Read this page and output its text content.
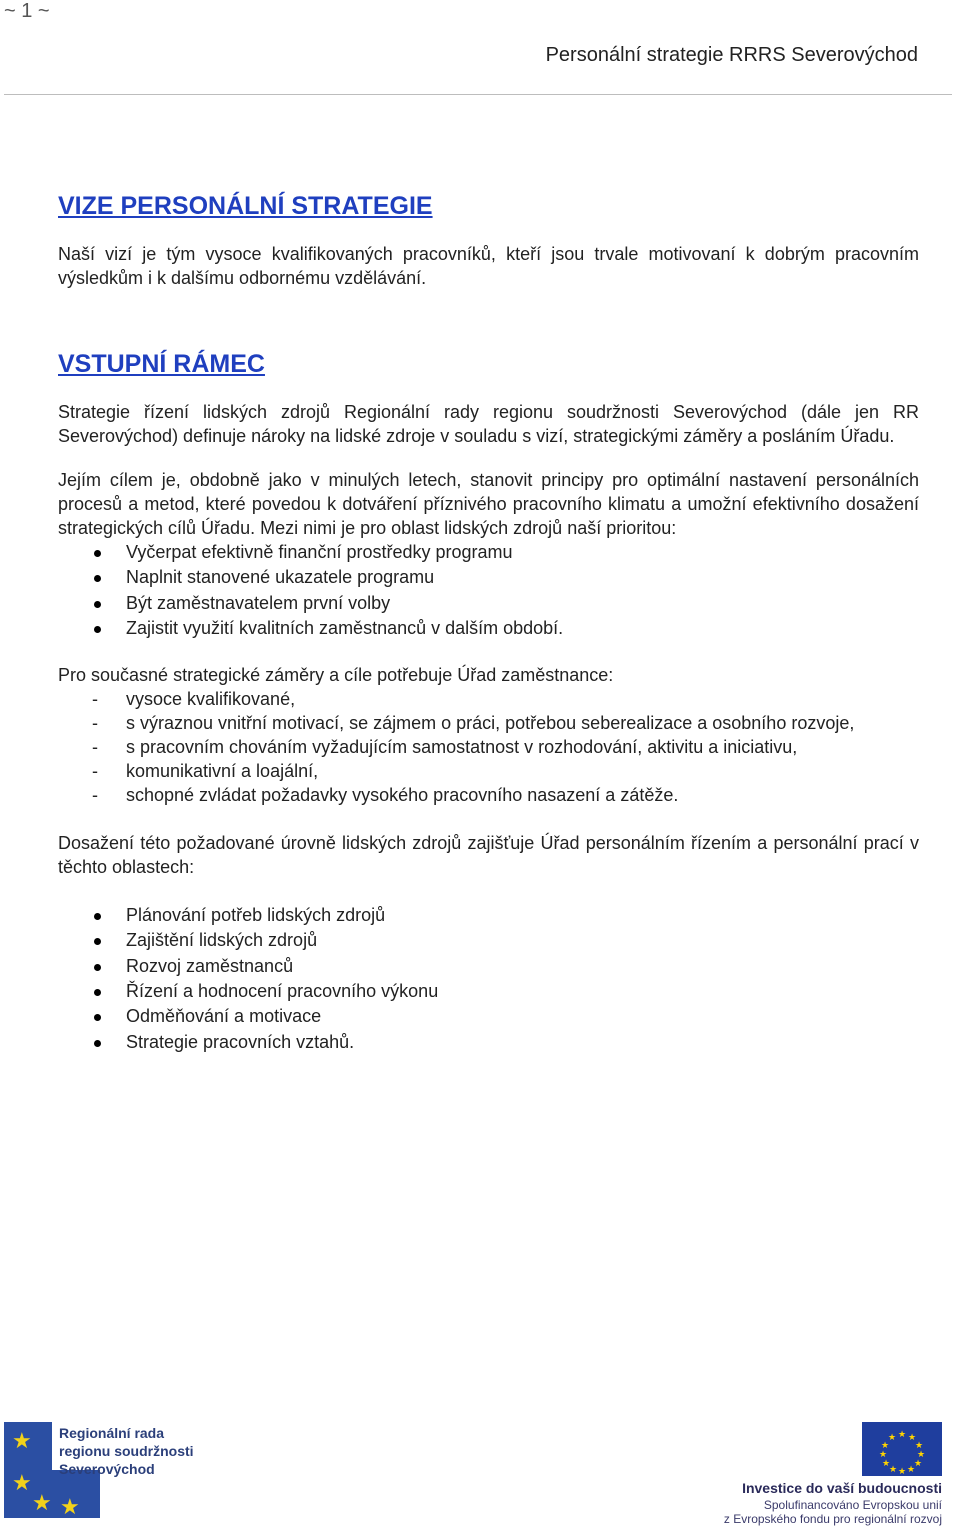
~ 1 ~
Personální strategie RRRS Severovýchod
VIZE PERSONÁLNÍ STRATEGIE

Naší vizí je tým vysoce kvalifikovaných pracovníků, kteří jsou trvale motivovaní k dobrým pracovním výsledkům i k dalšímu odbornému vzdělávání.

VSTUPNÍ RÁMEC

Strategie řízení lidských zdrojů Regionální rady regionu soudržnosti Severovýchod (dále jen RR Severovýchod) definuje nároky na lidské zdroje v souladu s vizí, strategickými záměry a posláním Úřadu.

Jejím cílem je, obdobně jako v minulých letech, stanovit principy pro optimální nastavení personálních procesů a metod, které povedou k dotváření příznivého pracovního klimatu a umožní efektivního dosažení strategických cílů Úřadu. Mezi nimi je pro oblast lidských zdrojů naší prioritou:

Vyčerpat efektivně finanční prostředky programu
Naplnit stanovené ukazatele programu
Být zaměstnavatelem první volby
Zajistit využití kvalitních zaměstnanců v dalším období.

Pro současné strategické záměry a cíle potřebuje Úřad zaměstnance:

- vysoce kvalifikované,
- s výraznou vnitřní motivací, se zájmem o práci, potřebou seberealizace a osobního rozvoje,
- s pracovním chováním vyžadujícím samostatnost v rozhodování, aktivitu a iniciativu,
- komunikativní a loajální,
- schopné zvládat požadavky vysokého pracovního nasazení a zátěže.

Dosažení této požadované úrovně lidských zdrojů zajišťuje Úřad personálním řízením a personální prací v těchto oblastech:

Plánování potřeb lidských zdrojů
Zajištění lidských zdrojů
Rozvoj zaměstnanců
Řízení a hodnocení pracovního výkonu
Odměňování a motivace
Strategie pracovních vztahů.
★
★
★ ★
Regionální rada
regionu soudržnosti
Severovýchod
★ ★
★
★
★
★
★
★
★
★
★
★
Investice do vaší budoucnosti
Spolufinancováno Evropskou unií
z Evropského fondu pro regionální rozvoj
